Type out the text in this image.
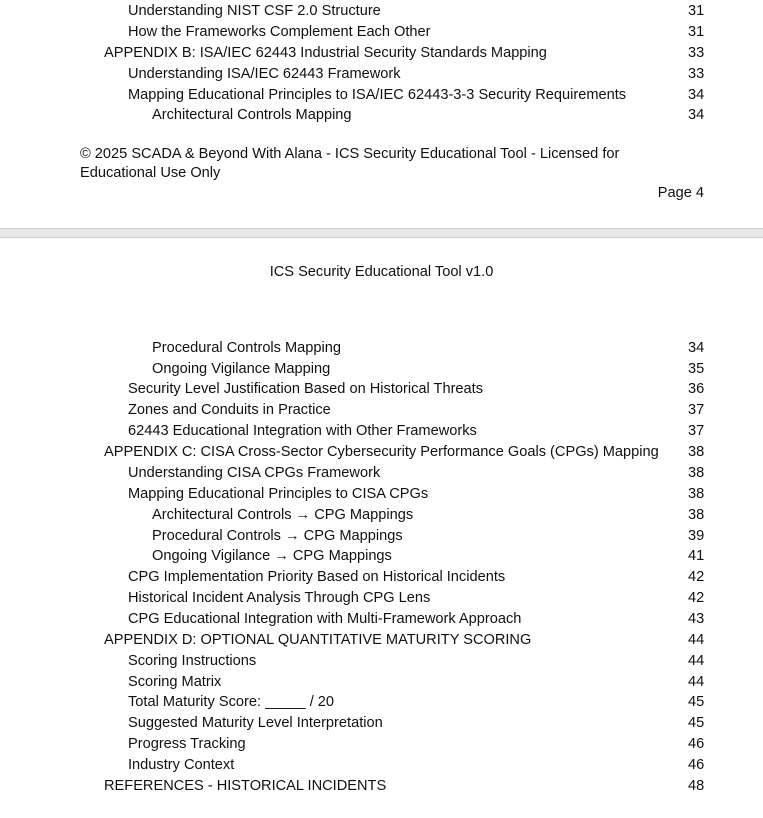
Understanding NIST CSF 2.0 Structure	31
How the Frameworks Complement Each Other	31
APPENDIX B: ISA/IEC 62443 Industrial Security Standards Mapping	33
Understanding ISA/IEC 62443 Framework	33
Mapping Educational Principles to ISA/IEC 62443-3-3 Security Requirements	34
Architectural Controls Mapping	34
© 2025 SCADA & Beyond With Alana - ICS Security Educational Tool - Licensed for Educational Use Only
Page 4
ICS Security Educational Tool v1.0
Procedural Controls Mapping	34
Ongoing Vigilance Mapping	35
Security Level Justification Based on Historical Threats	36
Zones and Conduits in Practice	37
62443 Educational Integration with Other Frameworks	37
APPENDIX C: CISA Cross-Sector Cybersecurity Performance Goals (CPGs) Mapping 38
Understanding CISA CPGs Framework	38
Mapping Educational Principles to CISA CPGs	38
Architectural Controls → CPG Mappings	38
Procedural Controls → CPG Mappings	39
Ongoing Vigilance → CPG Mappings	41
CPG Implementation Priority Based on Historical Incidents	42
Historical Incident Analysis Through CPG Lens	42
CPG Educational Integration with Multi-Framework Approach	43
APPENDIX D: OPTIONAL QUANTITATIVE MATURITY SCORING	44
Scoring Instructions	44
Scoring Matrix	44
Total Maturity Score: _____ / 20	45
Suggested Maturity Level Interpretation	45
Progress Tracking	46
Industry Context	46
REFERENCES - HISTORICAL INCIDENTS	48
